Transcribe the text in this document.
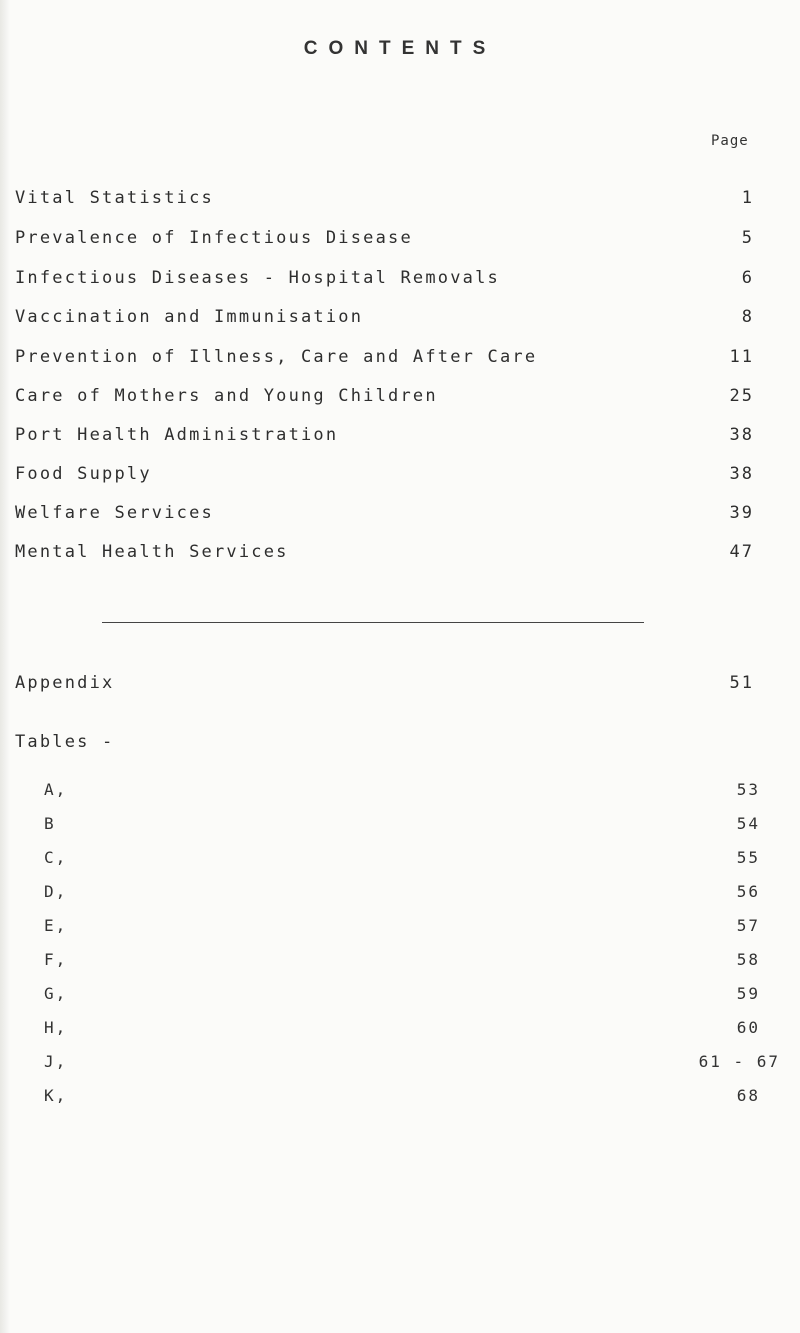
CONTENTS
Page
Vital Statistics	1
Prevalence of Infectious Disease	5
Infectious Diseases - Hospital Removals	6
Vaccination and Immunisation	8
Prevention of Illness, Care and After Care	11
Care of Mothers and Young Children	25
Port Health Administration	38
Food Supply	38
Welfare Services	39
Mental Health Services	47
Appendix	51
Tables -
A,	53
B	54
C,	55
D,	56
E,	57
F,	58
G,	59
H,	60
J,	61 - 67
K,	68
